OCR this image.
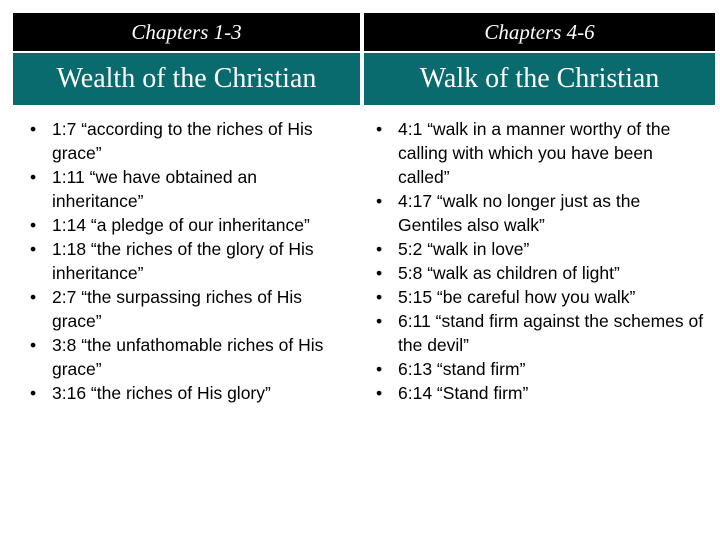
Chapters 1-3	Chapters 4-6
Wealth of the Christian	Walk of the Christian
• 1:7 “according to the riches of His grace”
• 1:11 “we have obtained an inheritance”
• 1:14 “a pledge of our inheritance”
• 1:18 “the riches of the glory of His inheritance”
• 2:7 “the surpassing riches of His grace”
• 3:8 “the unfathomable riches of His grace”
• 3:16 “the riches of His glory”
• 4:1 “walk in a manner worthy of the calling with which you have been called”
• 4:17 “walk no longer just as the Gentiles also walk”
• 5:2 “walk in love”
• 5:8 “walk as children of light”
• 5:15 “be careful how you walk”
• 6:11 “stand firm against the schemes of the devil”
• 6:13 “stand firm”
• 6:14 “Stand firm”
